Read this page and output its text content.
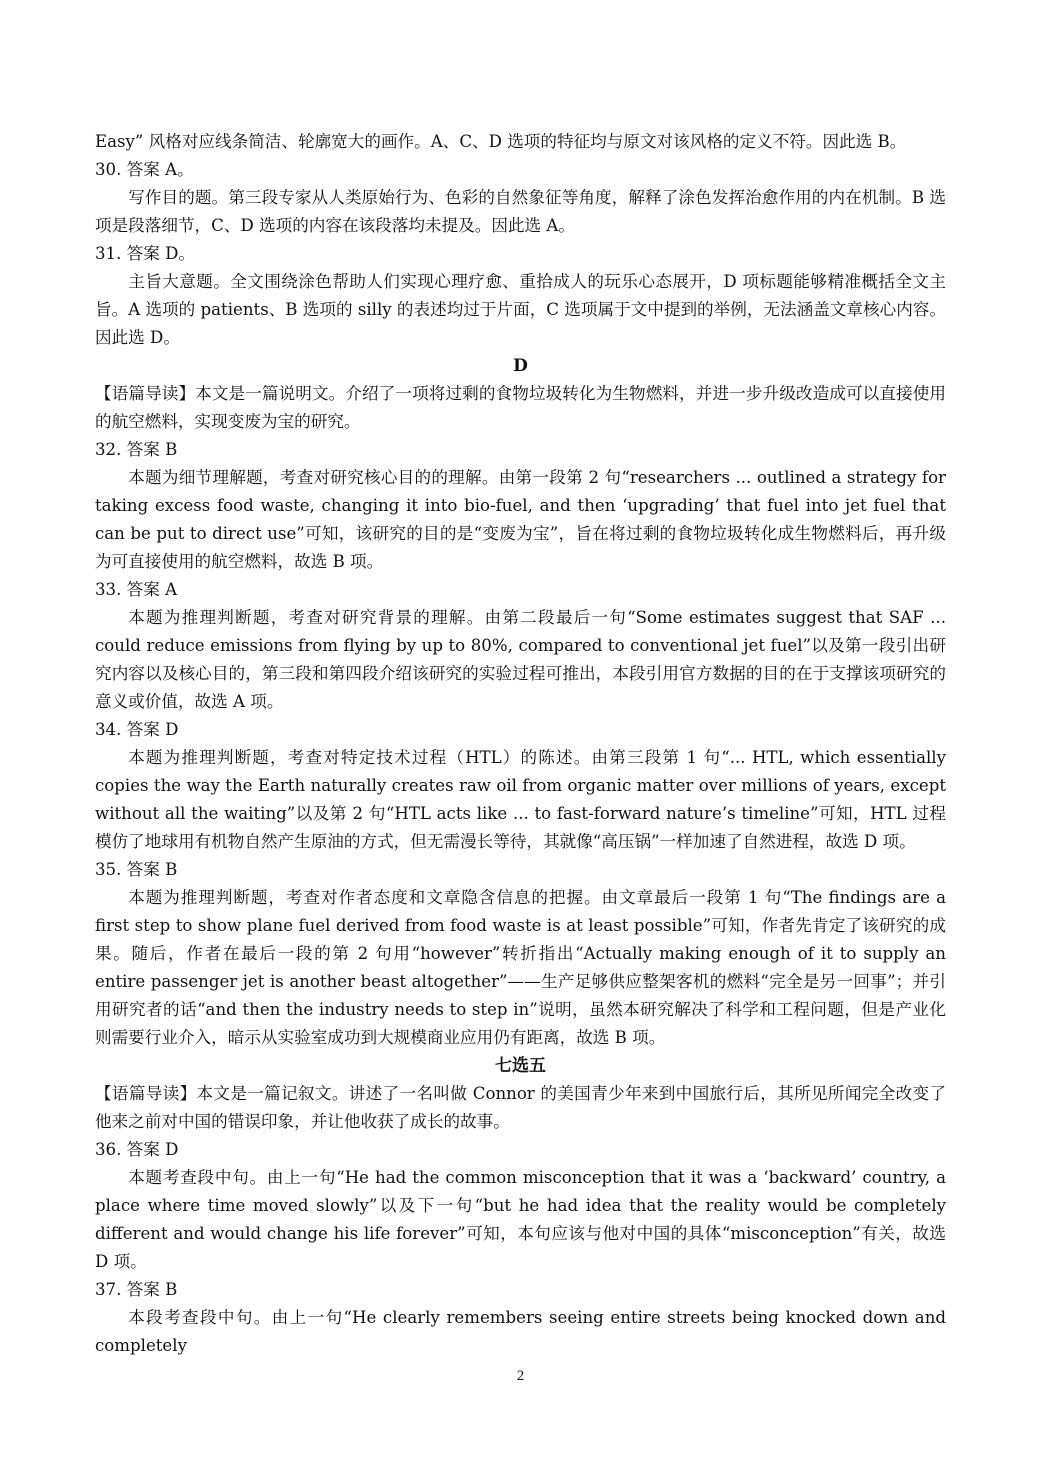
Easy” 风格对应线条简洁、轮廓宽大的画作。A、C、D 选项的特征均与原文对该风格的定义不符。因此选 B。

30. 答案 A。

写作目的题。第三段专家从人类原始行为、色彩的自然象征等角度，解释了涂色发挥治愈作用的内在机制。B 选项是段落细节，C、D 选项的内容在该段落均未提及。因此选 A。

31. 答案 D。

主旨大意题。全文围绕涂色帮助人们实现心理疗愈、重拾成人的玩乐心态展开，D 项标题能够精准概括全文主旨。A 选项的 patients、B 选项的 silly 的表述均过于片面，C 选项属于文中提到的举例，无法涵盖文章核心内容。因此选 D。

D

【语篇导读】本文是一篇说明文。介绍了一项将过剩的食物垃圾转化为生物燃料，并进一步升级改造成可以直接使用的航空燃料，实现变废为宝的研究。

32. 答案 B

本题为细节理解题，考查对研究核心目的的理解。由第一段第 2 句“researchers ... outlined a strategy for taking excess food waste, changing it into bio-fuel, and then ‘upgrading’ that fuel into jet fuel that can be put to direct use”可知，该研究的目的是“变废为宝”，旨在将过剩的食物垃圾转化成生物燃料后，再升级为可直接使用的航空燃料，故选 B 项。

33. 答案 A

本题为推理判断题，考查对研究背景的理解。由第二段最后一句“Some estimates suggest that SAF ... could reduce emissions from flying by up to 80%, compared to conventional jet fuel”以及第一段引出研究内容以及核心目的，第三段和第四段介绍该研究的实验过程可推出，本段引用官方数据的目的在于支撑该项研究的意义或价值，故选 A 项。

34. 答案 D

本题为推理判断题，考查对特定技术过程（HTL）的陈述。由第三段第 1 句“... HTL, which essentially copies the way the Earth naturally creates raw oil from organic matter over millions of years, except without all the waiting”以及第 2 句“HTL acts like ... to fast-forward nature’s timeline”可知，HTL 过程模仿了地球用有机物自然产生原油的方式，但无需漫长等待，其就像“高压锅”一样加速了自然进程，故选 D 项。

35. 答案 B

本题为推理判断题，考查对作者态度和文章隐含信息的把握。由文章最后一段第 1 句“The findings are a first step to show plane fuel derived from food waste is at least possible”可知，作者先肯定了该研究的成果。随后，作者在最后一段的第 2 句用“however”转折指出“Actually making enough of it to supply an entire passenger jet is another beast altogether”——生产足够供应整架客机的燃料“完全是另一回事”；并引用研究者的话“and then the industry needs to step in”说明，虽然本研究解决了科学和工程问题，但是产业化则需要行业介入，暗示从实验室成功到大规模商业应用仍有距离，故选 B 项。

七选五

【语篇导读】本文是一篇记叙文。讲述了一名叫做 Connor 的美国青少年来到中国旅行后，其所见所闻完全改变了他来之前对中国的错误印象，并让他收获了成长的故事。

36. 答案 D

本题考查段中句。由上一句“He had the common misconception that it was a ‘backward’ country, a place where time moved slowly”以及下一句“but he had idea that the reality would be completely different and would change his life forever”可知，本句应该与他对中国的具体“misconception”有关，故选 D 项。

37. 答案 B

本段考查段中句。由上一句“He clearly remembers seeing entire streets being knocked down and completely

2
